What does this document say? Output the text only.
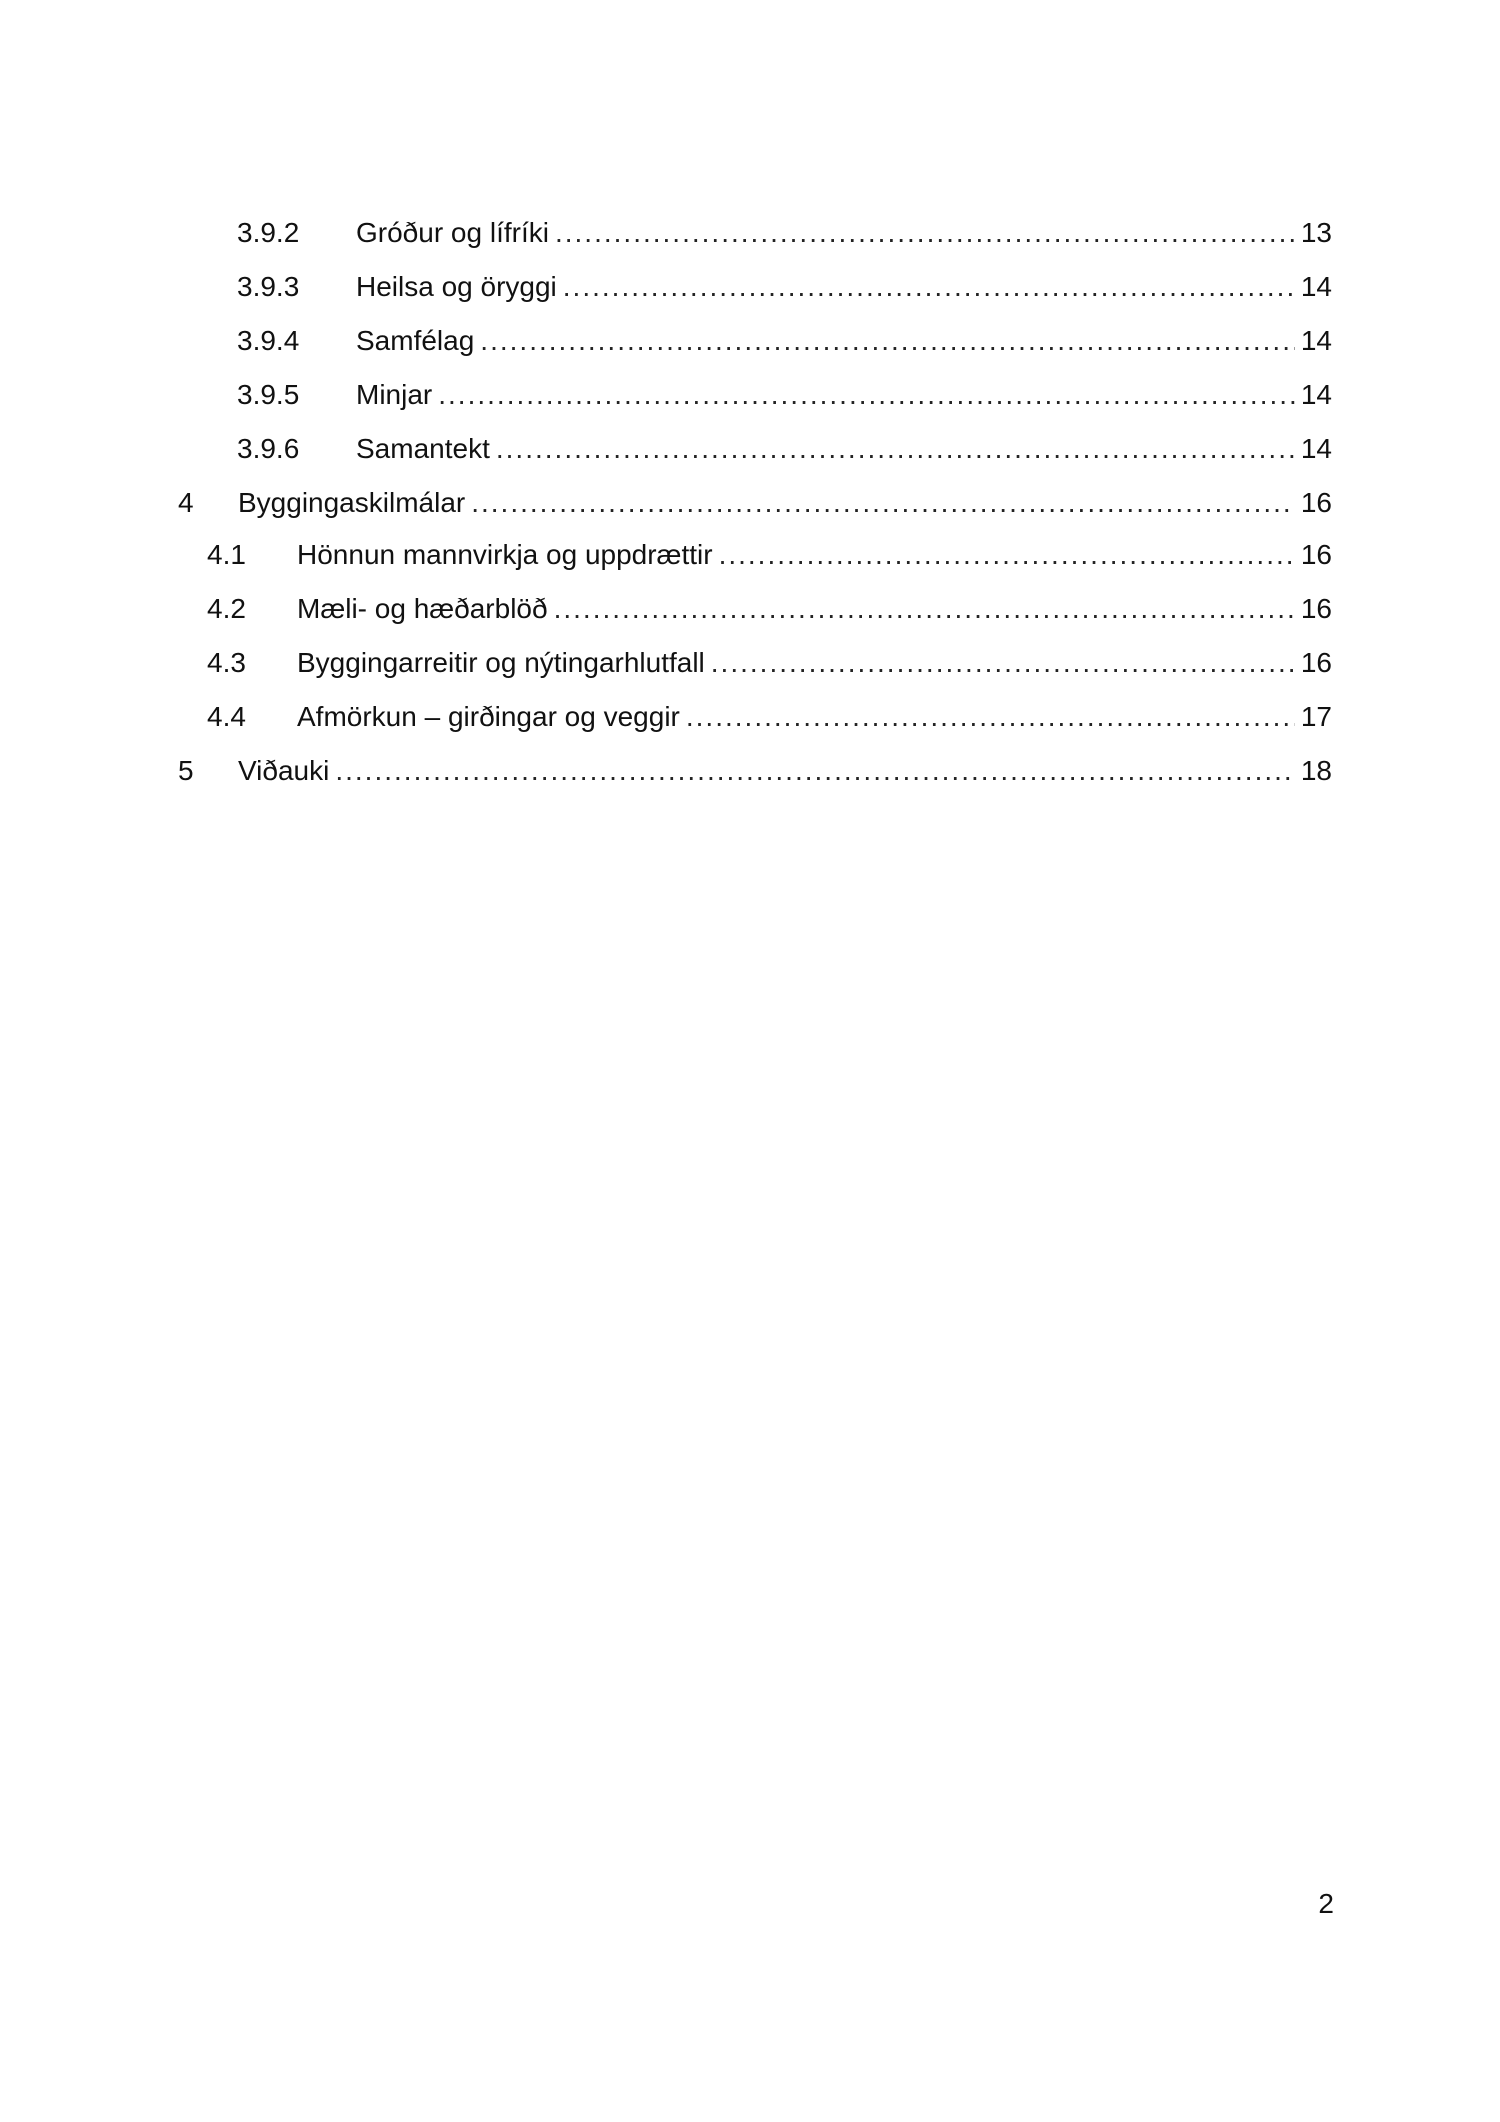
3.9.2 Gróður og lífríki .....	13
3.9.3 Heilsa og öryggi .....	14
3.9.4 Samfélag .....	14
3.9.5 Minjar .....	14
3.9.6 Samantekt .....	14
4 Byggingaskilmálar .....	16
4.1 Hönnun mannvirkja og uppdrættir .....	16
4.2 Mæli- og hæðarblöð .....	16
4.3 Byggingarreitir og nýtingarhlutfall .....	16
4.4 Afmörkun – girðingar og veggir .....	17
5 Viðauki .....	18
2
